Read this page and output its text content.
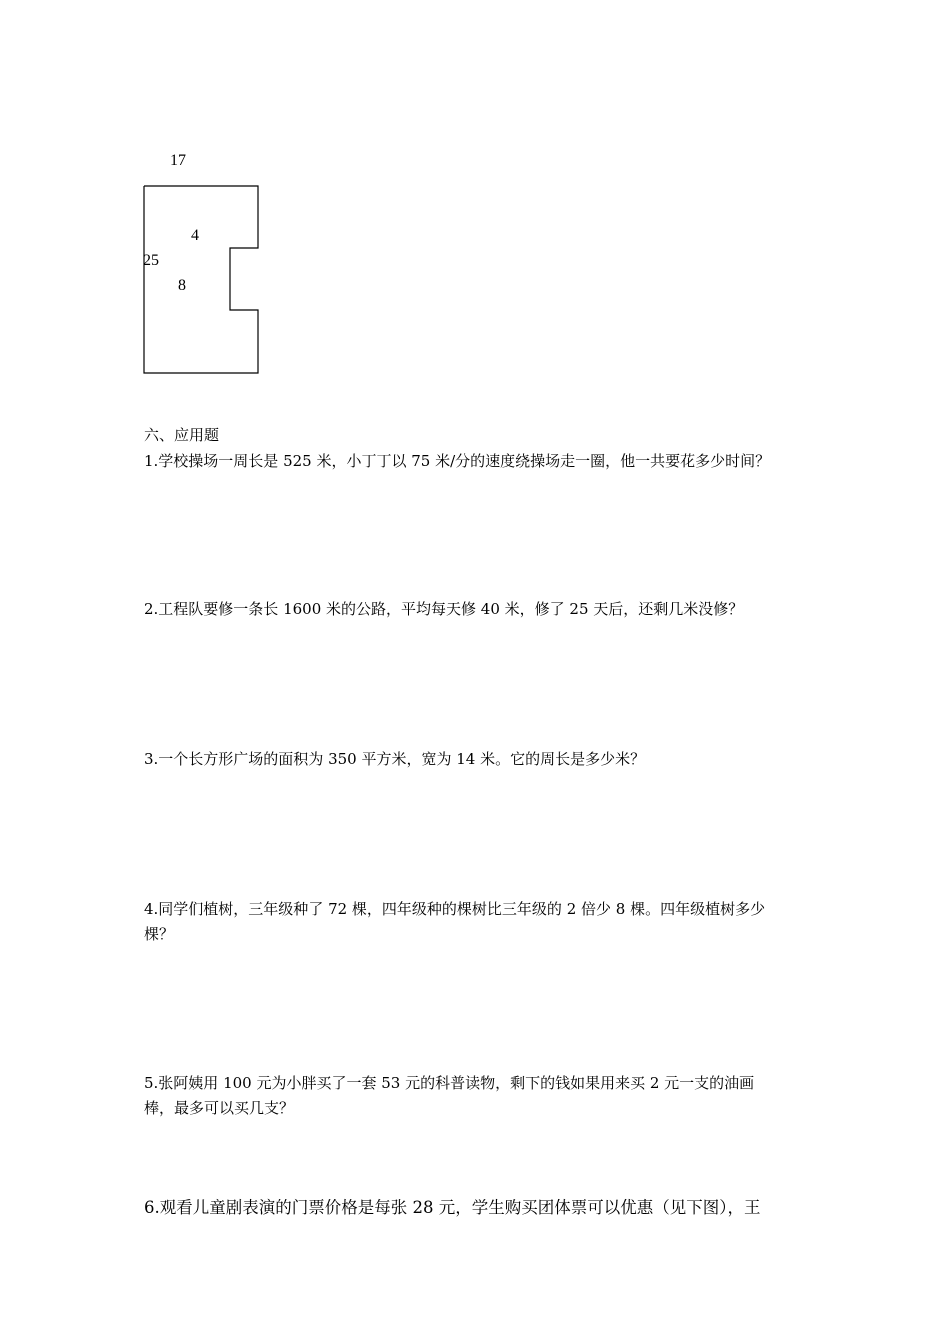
17
4
25
8
六、应用题
1.学校操场一周长是 525 米，小丁丁以 75 米/分的速度绕操场走一圈，他一共要花多少时间？
2.工程队要修一条长 1600 米的公路，平均每天修 40 米，修了 25 天后，还剩几米没修？
3.一个长方形广场的面积为 350 平方米，宽为 14 米。它的周长是多少米？
4.同学们植树，三年级种了 72 棵，四年级种的棵树比三年级的 2 倍少 8 棵。四年级植树多少
棵？
5.张阿姨用 100 元为小胖买了一套 53 元的科普读物，剩下的钱如果用来买 2 元一支的油画
棒，最多可以买几支？
6.观看儿童剧表演的门票价格是每张 28 元，学生购买团体票可以优惠（见下图），王
